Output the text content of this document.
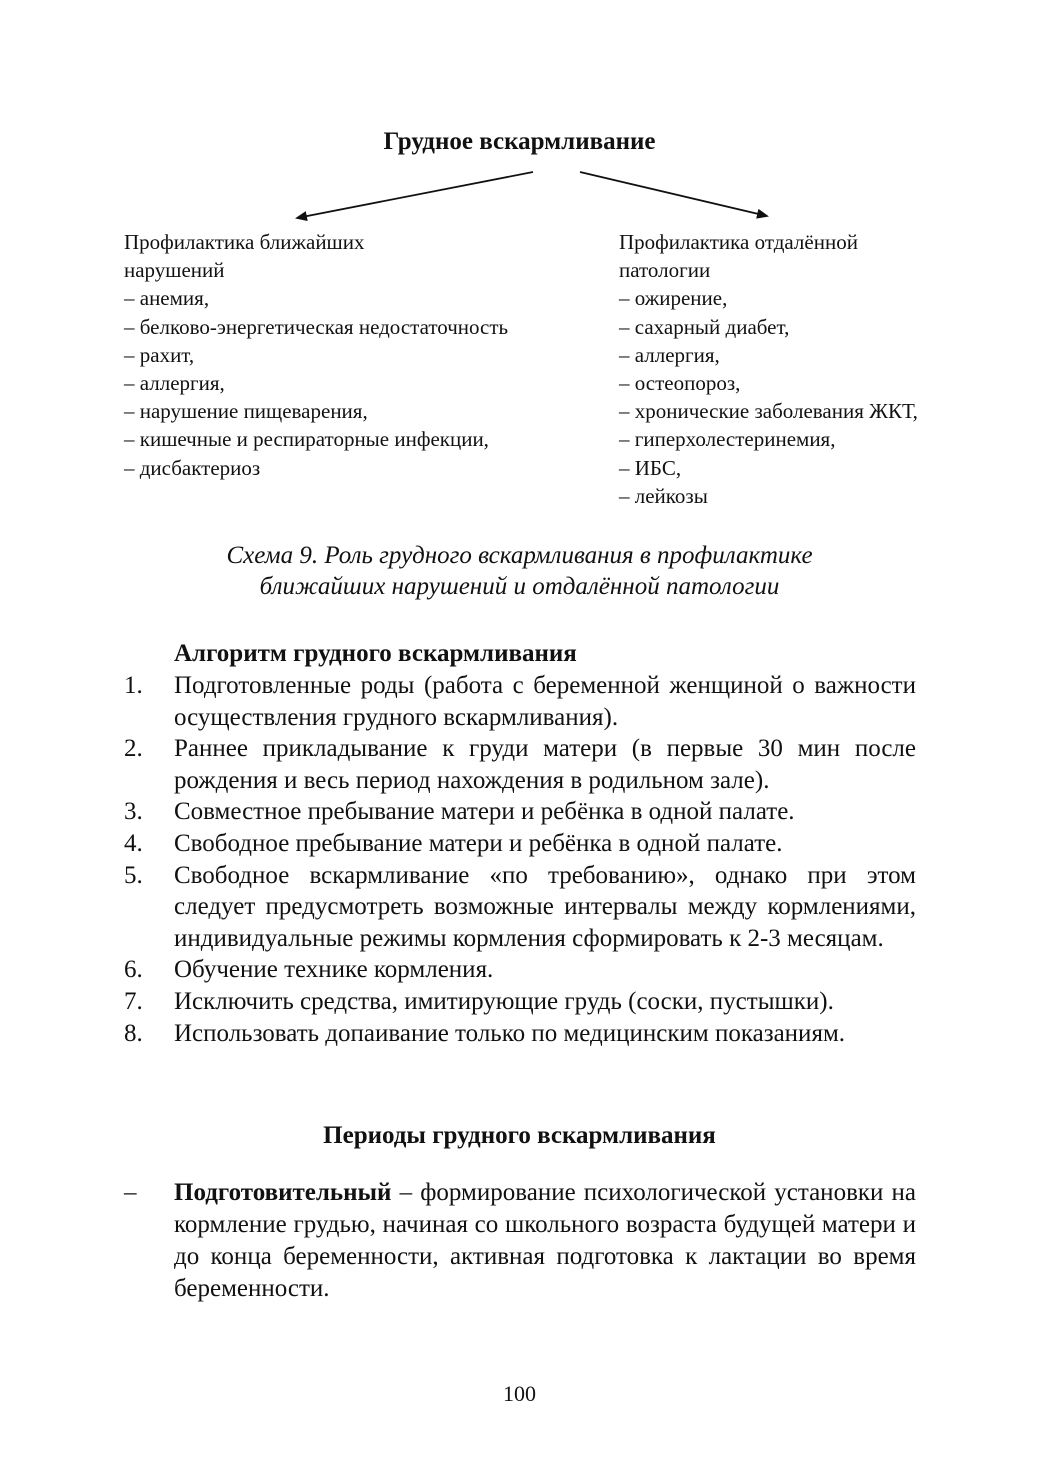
Грудное вскармливание
Профилактика ближайших
нарушений
– анемия,
– белково-энергетическая недостаточность
– рахит,
– аллергия,
– нарушение пищеварения,
– кишечные и респираторные инфекции,
– дисбактериоз
Профилактика отдалённой
патологии
– ожирение,
– сахарный диабет,
– аллергия,
– остеопороз,
– хронические заболевания ЖКТ,
– гиперхолестеринемия,
– ИБС,
– лейкозы
Схема 9. Роль грудного вскармливания в профилактике
ближайших нарушений и отдалённой патологии
Алгоритм грудного вскармливания
1.	Подготовленные роды (работа с беременной женщиной о важности осуществления грудного вскармливания).
2.	Раннее прикладывание к груди матери (в первые 30 мин после рождения и весь период нахождения в родильном зале).
3.	Совместное пребывание матери и ребёнка в одной палате.
4.	Свободное пребывание матери и ребёнка в одной палате.
5.	Свободное вскармливание «по требованию», однако при этом следует предусмотреть возможные интервалы между кормлениями, индивидуальные режимы кормления сформировать к 2-3 месяцам.
6.	Обучение технике кормления.
7.	Исключить средства, имитирующие грудь (соски, пустышки).
8.	Использовать допаивание только по медицинским показаниям.
Периоды грудного вскармливания
– Подготовительный – формирование психологической установки на кормление грудью, начиная со школьного возраста будущей матери и до конца беременности, активная подготовка к лактации во время беременности.
100
